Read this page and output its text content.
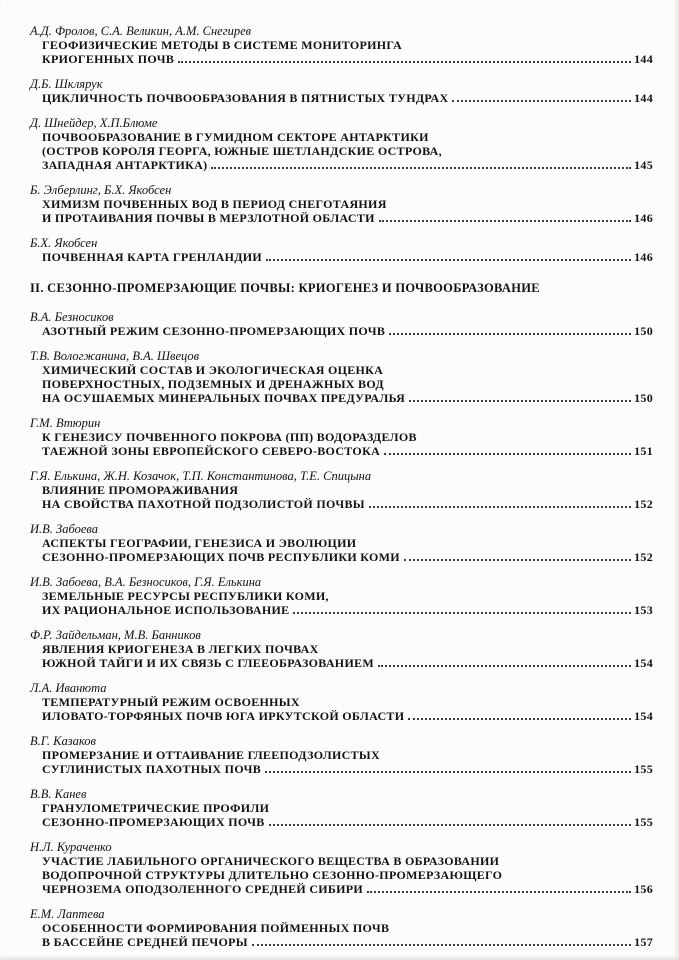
А.Д. Фролов, С.А. Великин, А.М. Снегирев
ГЕОФИЗИЧЕСКИЕ МЕТОДЫ В СИСТЕМЕ МОНИТОРИНГА
КРИОГЕННЫХ ПОЧВ	144
Д.Б. Шклярук
ЦИКЛИЧНОСТЬ ПОЧВООБРАЗОВАНИЯ В ПЯТНИСТЫХ ТУНДРАХ	144
Д. Шнейдер, Х.П.Блюме
ПОЧВООБРАЗОВАНИЕ В ГУМИДНОМ СЕКТОРЕ АНТАРКТИКИ
(ОСТРОВ КОРОЛЯ ГЕОРГА, ЮЖНЫЕ ШЕТЛАНДСКИЕ ОСТРОВА,
ЗАПАДНАЯ АНТАРКТИКА)	145
Б. Элберлинг, Б.Х. Якобсен
ХИМИЗМ ПОЧВЕННЫХ ВОД В ПЕРИОД СНЕГОТАЯНИЯ
И ПРОТАИВАНИЯ ПОЧВЫ В МЕРЗЛОТНОЙ ОБЛАСТИ	146
Б.Х. Якобсен
ПОЧВЕННАЯ КАРТА ГРЕНЛАНДИИ	146
II. СЕЗОННО-ПРОМЕРЗАЮЩИЕ ПОЧВЫ: КРИОГЕНЕЗ И ПОЧВООБРАЗОВАНИЕ
В.А. Безносиков
АЗОТНЫЙ РЕЖИМ СЕЗОННО-ПРОМЕРЗАЮЩИХ ПОЧВ	150
Т.В. Вологжанина, В.А. Швецов
ХИМИЧЕСКИЙ СОСТАВ И ЭКОЛОГИЧЕСКАЯ ОЦЕНКА
ПОВЕРХНОСТНЫХ, ПОДЗЕМНЫХ И ДРЕНАЖНЫХ ВОД
НА ОСУШАЕМЫХ МИНЕРАЛЬНЫХ ПОЧВАХ ПРЕДУРАЛЬЯ	150
Г.М. Втюрин
К ГЕНЕЗИСУ ПОЧВЕННОГО ПОКРОВА (ПП) ВОДОРАЗДЕЛОВ
ТАЕЖНОЙ ЗОНЫ ЕВРОПЕЙСКОГО СЕВЕРО-ВОСТОКА	151
Г.Я. Елькина, Ж.Н. Козачок, Т.П. Константинова, Т.Е. Спицына
ВЛИЯНИЕ ПРОМОРАЖИВАНИЯ
НА СВОЙСТВА ПАХОТНОЙ ПОДЗОЛИСТОЙ ПОЧВЫ	152
И.В. Забоева
АСПЕКТЫ ГЕОГРАФИИ, ГЕНЕЗИСА И ЭВОЛЮЦИИ
СЕЗОННО-ПРОМЕРЗАЮЩИХ ПОЧВ РЕСПУБЛИКИ КОМИ	152
И.В. Забоева, В.А. Безносиков, Г.Я. Елькина
ЗЕМЕЛЬНЫЕ РЕСУРСЫ РЕСПУБЛИКИ КОМИ,
ИХ РАЦИОНАЛЬНОЕ ИСПОЛЬЗОВАНИЕ	153
Ф.Р. Зайдельман, М.В. Банников
ЯВЛЕНИЯ КРИОГЕНЕЗА В ЛЕГКИХ ПОЧВАХ
ЮЖНОЙ ТАЙГИ И ИХ СВЯЗЬ С ГЛЕЕОБРАЗОВАНИЕМ	154
Л.А. Иванюта
ТЕМПЕРАТУРНЫЙ РЕЖИМ ОСВОЕННЫХ
ИЛОВАТО-ТОРФЯНЫХ ПОЧВ ЮГА ИРКУТСКОЙ ОБЛАСТИ	154
В.Г. Казаков
ПРОМЕРЗАНИЕ И ОТТАИВАНИЕ ГЛЕЕПОДЗОЛИСТЫХ
СУГЛИНИСТЫХ ПАХОТНЫХ ПОЧВ	155
В.В. Канев
ГРАНУЛОМЕТРИЧЕСКИЕ ПРОФИЛИ
СЕЗОННО-ПРОМЕРЗАЮЩИХ ПОЧВ	155
Н.Л. Кураченко
УЧАСТИЕ ЛАБИЛЬНОГО ОРГАНИЧЕСКОГО ВЕЩЕСТВА В ОБРАЗОВАНИИ
ВОДОПРОЧНОЙ СТРУКТУРЫ ДЛИТЕЛЬНО СЕЗОННО-ПРОМЕРЗАЮЩЕГО
ЧЕРНОЗЕМА ОПОДЗОЛЕННОГО СРЕДНЕЙ СИБИРИ	156
Е.М. Лаптева
ОСОБЕННОСТИ ФОРМИРОВАНИЯ ПОЙМЕННЫХ ПОЧВ
В БАССЕЙНЕ СРЕДНЕЙ ПЕЧОРЫ	157
